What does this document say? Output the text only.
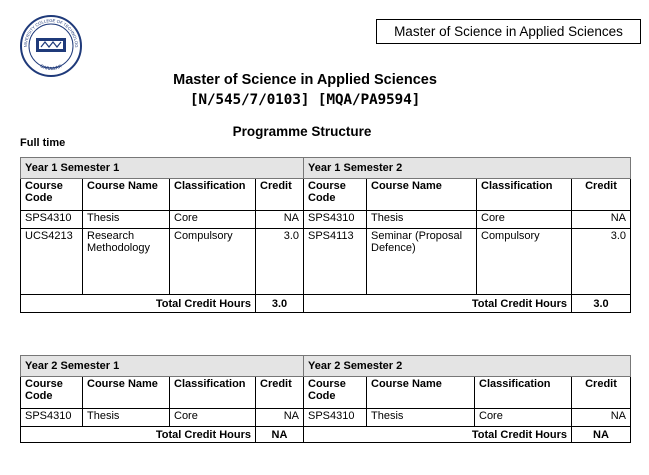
NIVERSITY COLLEGE OF TECHNOLOG
SARAWAK
Master of Science in Applied Sciences
Master of Science in Applied Sciences
[N/545/7/0103] [MQA/PA9594]
Programme Structure
Full time
Year 1 Semester 1				Year 1 Semester 2			
Course Code	Course Name	Classification	Credit	Course Code	Course Name	Classification	Credit
SPS4310	Thesis	Core	NA	SPS4310	Thesis	Core	NA
UCS4213	Research Methodology	Compulsory	3.0	SPS4113	Seminar (Proposal Defence)	Compulsory	3.0
Total Credit Hours			3.0	Total Credit Hours			3.0
Year 2 Semester 1				Year 2 Semester 2			
Course Code	Course Name	Classification	Credit	Course Code	Course Name	Classification	Credit
SPS4310	Thesis	Core	NA	SPS4310	Thesis	Core	NA
Total Credit Hours			NA	Total Credit Hours			NA
